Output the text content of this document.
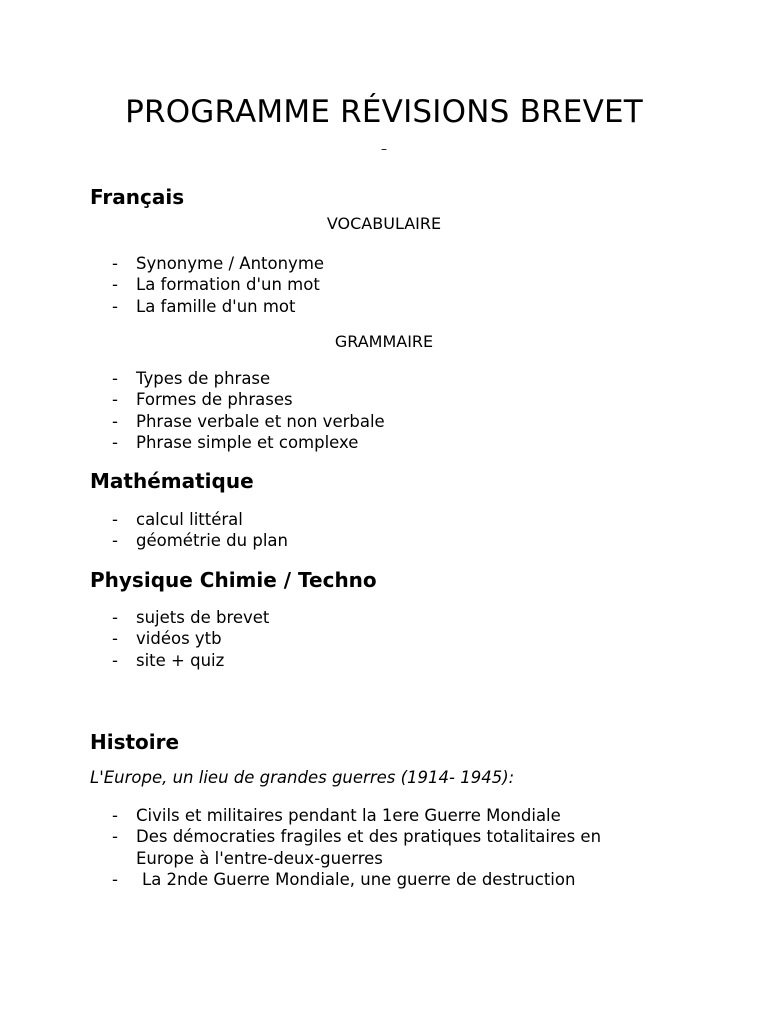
PROGRAMME RÉVISIONS BREVET
–
Français
VOCABULAIRE
- Synonyme / Antonyme
- La formation d'un mot
- La famille d'un mot
GRAMMAIRE
- Types de phrase
- Formes de phrases
- Phrase verbale et non verbale
- Phrase simple et complexe
Mathématique
- calcul littéral
- géométrie du plan
Physique Chimie / Techno
- sujets de brevet
- vidéos ytb
- site + quiz
Histoire
L'Europe, un lieu de grandes guerres (1914- 1945):
- Civils et militaires pendant la 1ere Guerre Mondiale
- Des démocraties fragiles et des pratiques totalitaires en Europe à l'entre-deux-guerres
-	La 2nde Guerre Mondiale, une guerre de destruction
